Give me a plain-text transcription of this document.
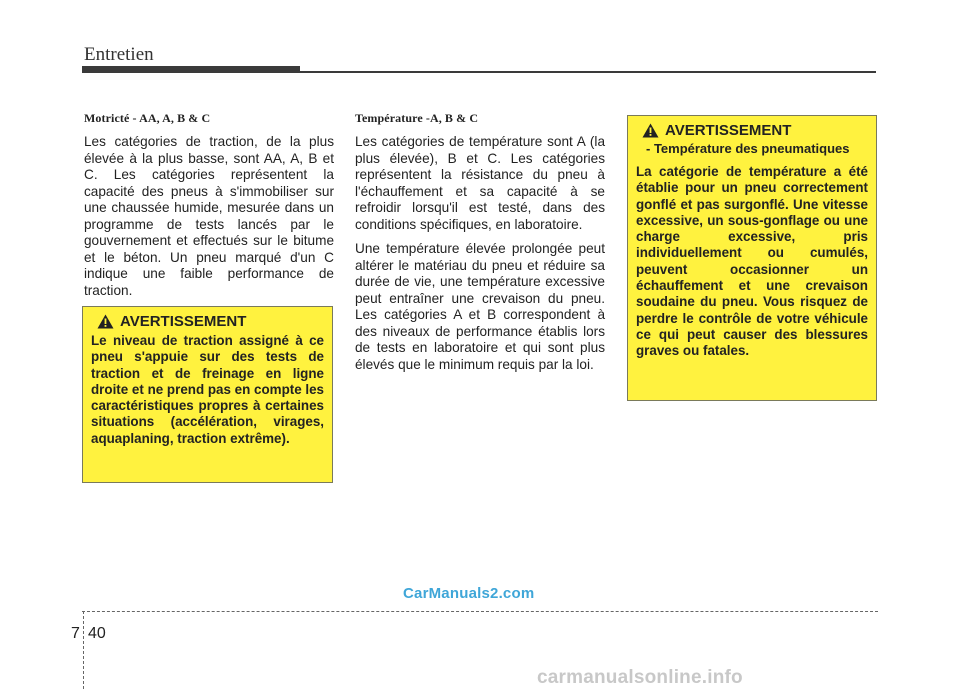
Entretien
Motricté - AA, A, B & C

Les catégories de traction, de la plus élevée à la plus basse, sont AA, A, B et C. Les catégories représentent la capacité des pneus à s'immobiliser sur une chaussée humide, mesurée dans un programme de tests lancés par le gouvernement et effectués sur le bitume et le béton. Un pneu marqué d'un C indique une faible performance de traction.

Température -A, B & C

Les catégories de température sont A (la plus élevée), B et C. Les catégories représentent la résistance du pneu à l'échauffement et sa capacité à se refroidir lorsqu'il est testé, dans des conditions spécifiques, en laboratoire.

Une température élevée prolongée peut altérer le matériau du pneu et réduire sa durée de vie, une température excessive peut entraîner une crevaison du pneu. Les catégories A et B correspondent à des niveaux de performance établis lors de tests en laboratoire et qui sont plus élevés que le minimum requis par la loi.

AVERTISSEMENT

Le niveau de traction assigné à ce pneu s'appuie sur des tests de traction et de freinage en ligne droite et ne prend pas en compte les caractéristiques propres à certaines situations (accélération, virages, aquaplaning, traction extrême).

AVERTISSEMENT
- Température des pneumatiques

La catégorie de température a été établie pour un pneu correctement gonflé et pas surgonflé. Une vitesse excessive, un sous-gonflage ou une charge excessive, pris individuellement ou cumulés, peuvent occasionner un échauffement et une crevaison soudaine du pneu. Vous risquez de perdre le contrôle de votre véhicule ce qui peut causer des blessures graves ou fatales.

CarManuals2.com
carmanualsonline.info
7 40
